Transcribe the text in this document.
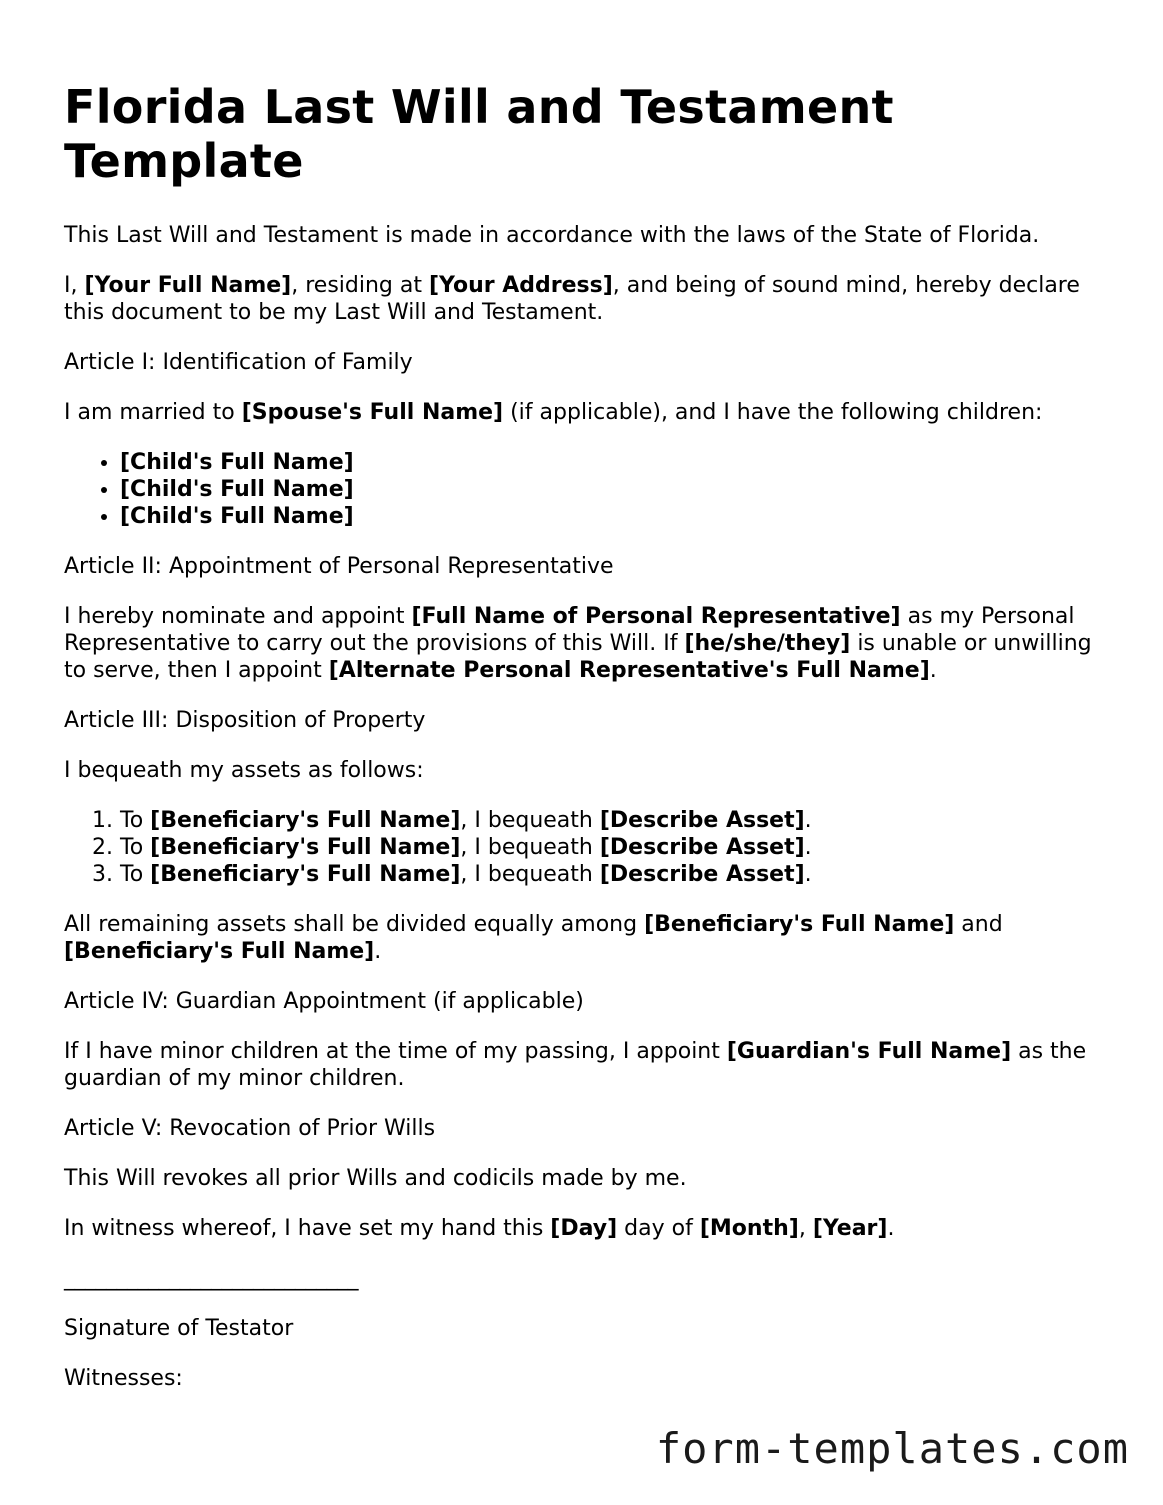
Florida Last Will and Testament Template

This Last Will and Testament is made in accordance with the laws of the State of Florida.

I, [Your Full Name], residing at [Your Address], and being of sound mind, hereby declare this document to be my Last Will and Testament.

Article I: Identification of Family

I am married to [Spouse's Full Name] (if applicable), and I have the following children:

• [Child's Full Name]
• [Child's Full Name]
• [Child's Full Name]

Article II: Appointment of Personal Representative

I hereby nominate and appoint [Full Name of Personal Representative] as my Personal Representative to carry out the provisions of this Will. If [he/she/they] is unable or unwilling to serve, then I appoint [Alternate Personal Representative's Full Name].

Article III: Disposition of Property

I bequeath my assets as follows:

1. To [Beneficiary's Full Name], I bequeath [Describe Asset].
2. To [Beneficiary's Full Name], I bequeath [Describe Asset].
3. To [Beneficiary's Full Name], I bequeath [Describe Asset].

All remaining assets shall be divided equally among [Beneficiary's Full Name] and [Beneficiary's Full Name].

Article IV: Guardian Appointment (if applicable)

If I have minor children at the time of my passing, I appoint [Guardian's Full Name] as the guardian of my minor children.

Article V: Revocation of Prior Wills

This Will revokes all prior Wills and codicils made by me.

In witness whereof, I have set my hand this [Day] day of [Month], [Year].

____________________________

Signature of Testator

Witnesses:

form-templates.com
